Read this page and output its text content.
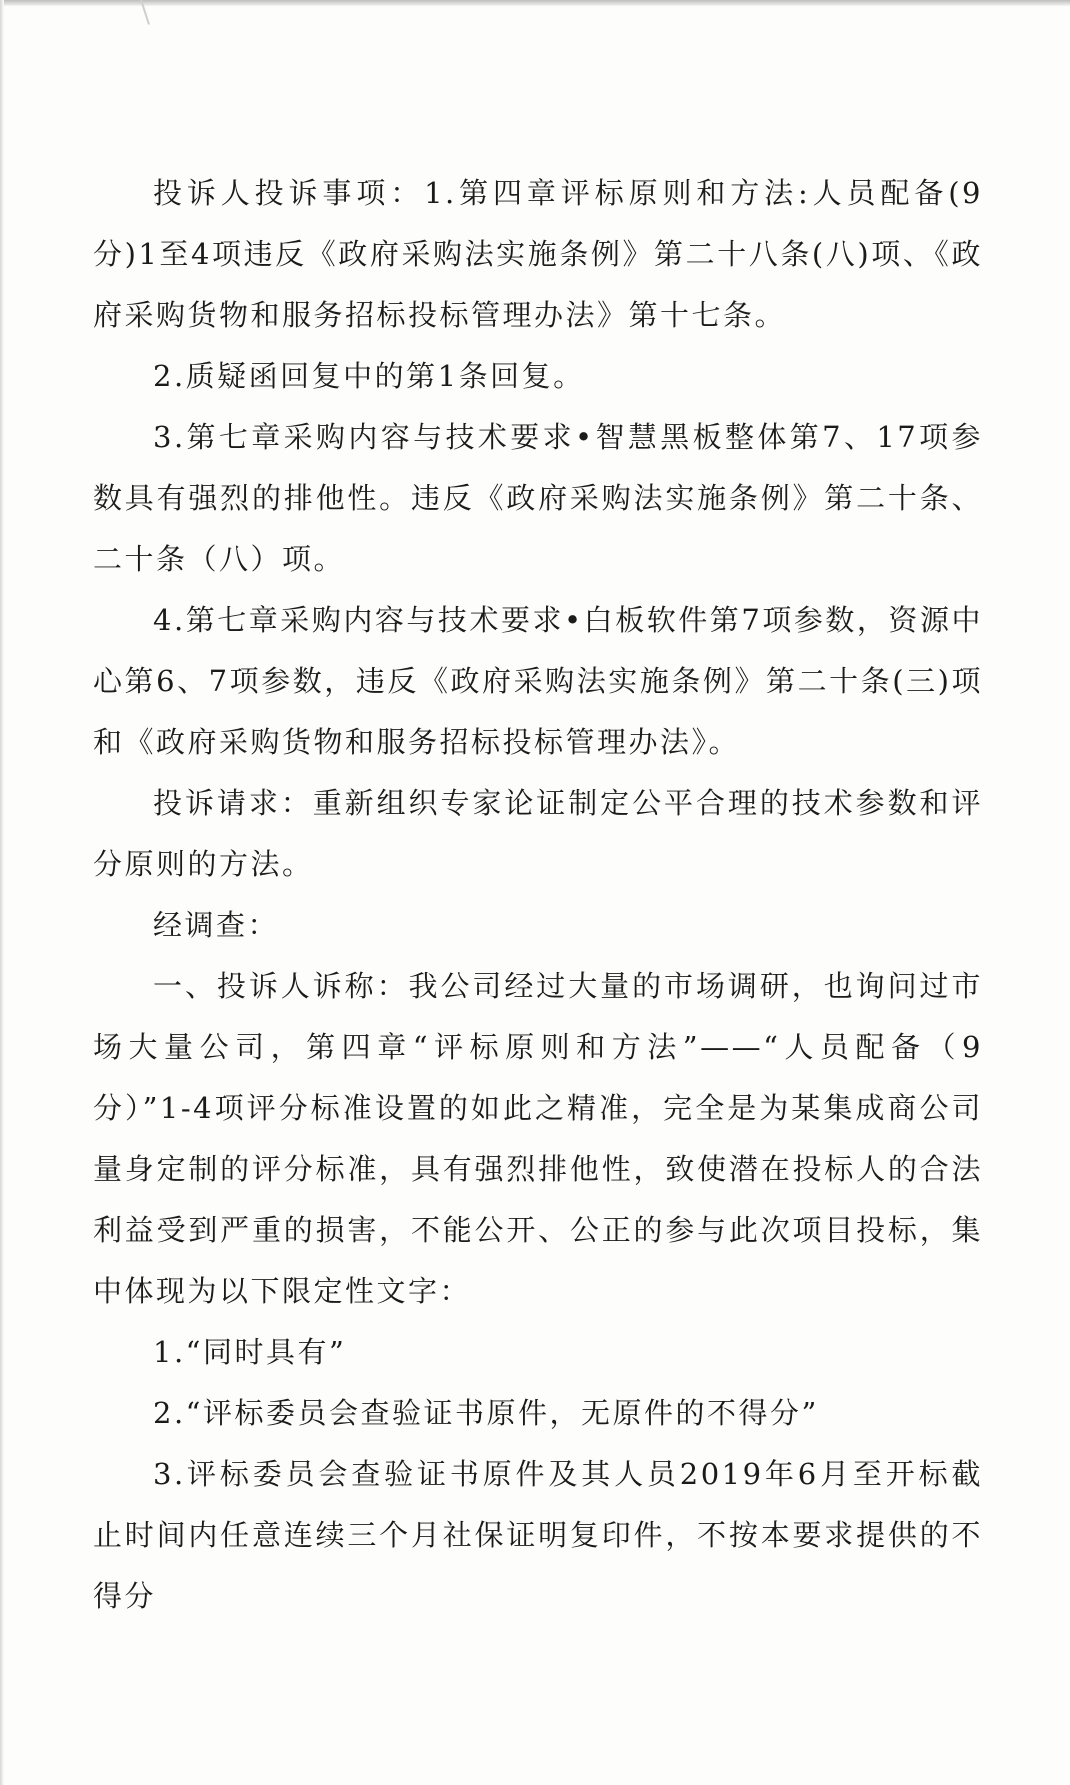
投诉人投诉事项：1.第四章评标原则和方法:人员配备(9分)1至4项违反《政府采购法实施条例》第二十八条(八)项、《政府采购货物和服务招标投标管理办法》第十七条。

2.质疑函回复中的第1条回复。

3.第七章采购内容与技术要求•智慧黑板整体第7、17项参数具有强烈的排他性。违反《政府采购法实施条例》第二十条、二十条（八）项。

4.第七章采购内容与技术要求•白板软件第7项参数，资源中心第6、7项参数，违反《政府采购法实施条例》第二十条(三)项和《政府采购货物和服务招标投标管理办法》。

投诉请求：重新组织专家论证制定公平合理的技术参数和评分原则的方法。

经调查：

一、投诉人诉称：我公司经过大量的市场调研，也询问过市场大量公司，第四章“评标原则和方法”——“人员配备（9分）”1-4项评分标准设置的如此之精准，完全是为某集成商公司量身定制的评分标准，具有强烈排他性，致使潜在投标人的合法利益受到严重的损害，不能公开、公正的参与此次项目投标，集中体现为以下限定性文字：

1.“同时具有”

2.“评标委员会查验证书原件，无原件的不得分”

3.评标委员会查验证书原件及其人员2019年6月至开标截止时间内任意连续三个月社保证明复印件，不按本要求提供的不得分
